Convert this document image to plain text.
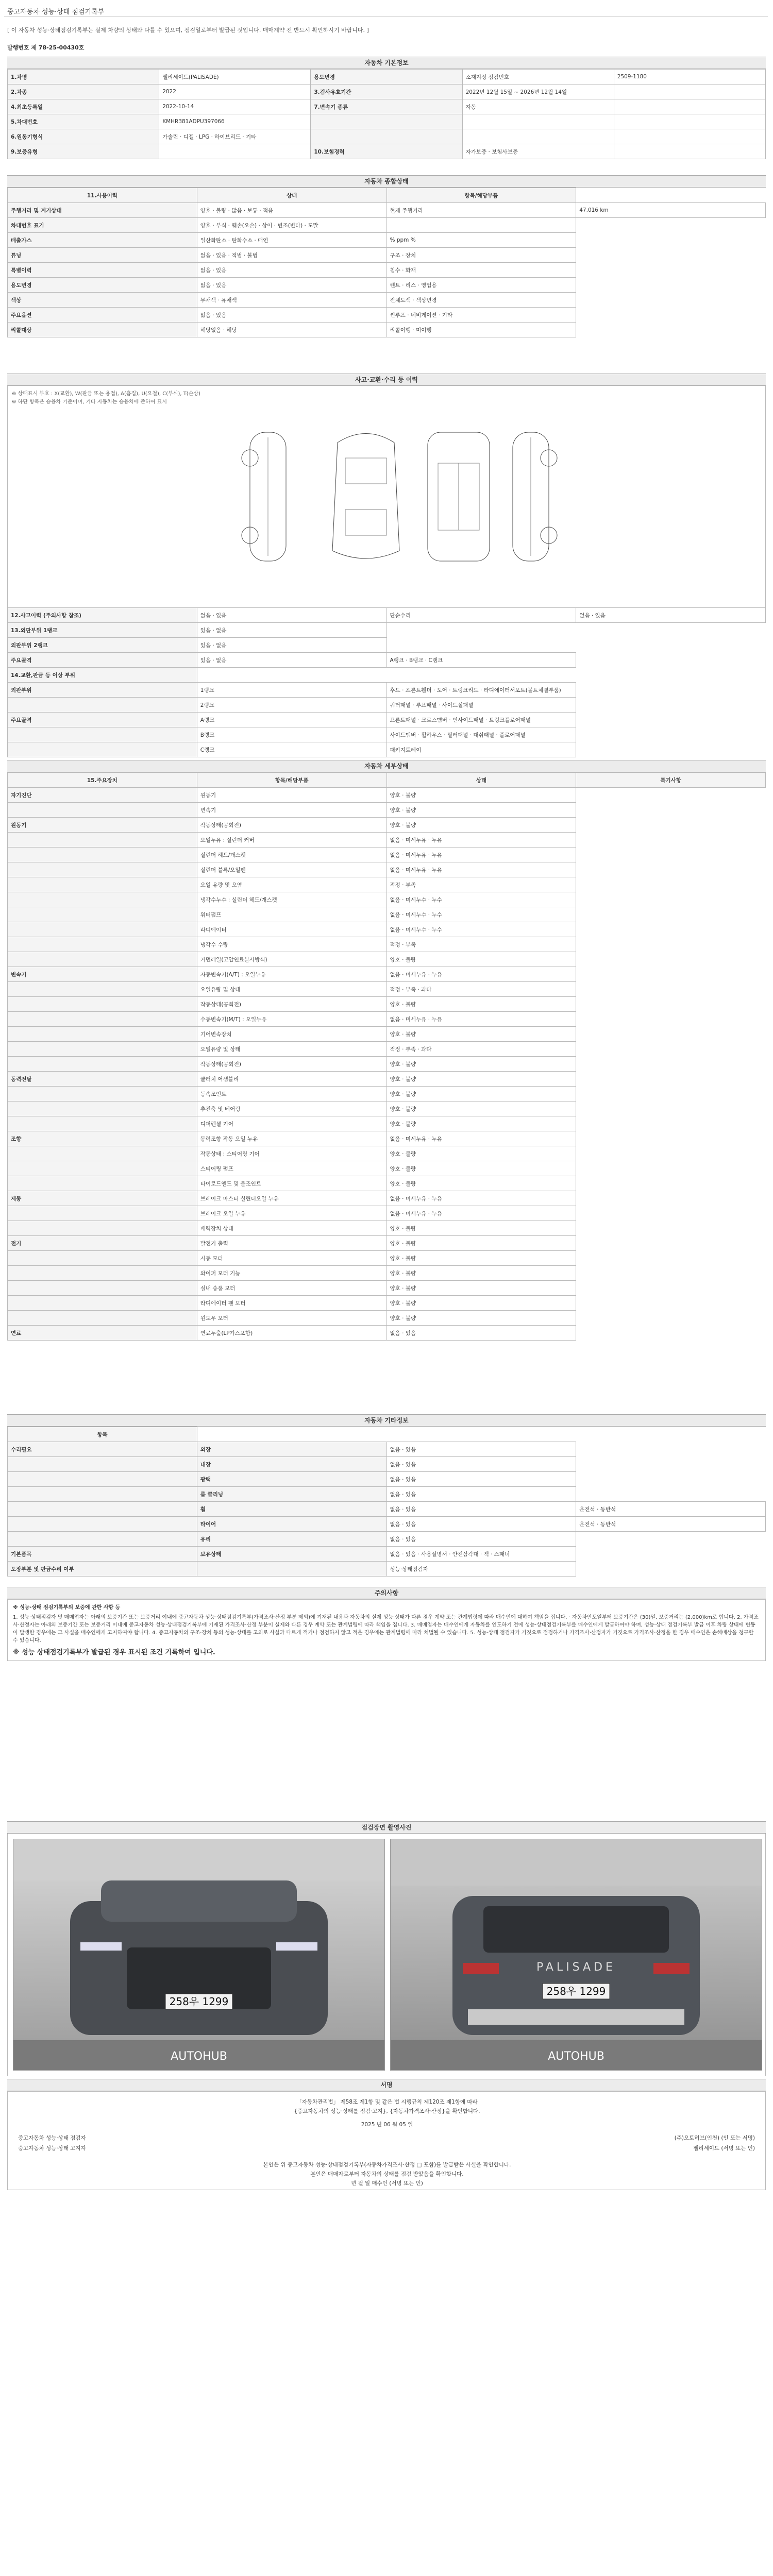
중고자동차 성능·상태 점검기록부
[ 이 자동차 성능·상태점검기록부는 실제 차량의 상태와 다를 수 있으며, 점검일로부터 발급된 것입니다. 매매계약 전 반드시 확인하시기 바랍니다. ]
발행번호 제 78-25-00430호
자동차 기본정보
1.차명	팰리세이드(PALISADE)	용도변경	소재지정 점검번호	2509-1180
2.차종	2022	3.검사유효기간	2022년 12월 15일 ~ 2026년 12월 14일	
4.최초등록일	2022-10-14	7.변속기 종류	자동	
5.차대번호	KMHR381ADPU397066			
6.원동기형식	가솔린 · 디젤 · LPG · 하이브리드 · 기타			
9.보증유형		10.보험경력	자가보증 · 보험사보증	
자동차 종합상태
11.사용이력	상태	항목/해당부품	
주행거리 및 계기상태	양호 · 불량 · 많음 · 보통 · 적음	현재 주행거리	47,016 km
차대번호 표기	양호 · 부식 · 훼손(오손) · 상이 · 변조(변타) · 도말		
배출가스	일산화탄소 · 탄화수소 · 매연	% ppm %	
튜닝	없음 · 있음 · 적법 · 불법	구조 · 장치	
특별이력	없음 · 있음	침수 · 화재	
용도변경	없음 · 있음	렌트 · 리스 · 영업용	
색상	무채색 · 유채색	전체도색 · 색상변경	
주요옵션	없음 · 있음	썬루프 · 네비게이션 · 기타	
리콜대상	해당없음 · 해당	리콜이행 · 미이행	
사고·교환·수리 등 이력
※ 상태표시 부호 : X(교환), W(판금 또는 용접), A(흠집), U(요철), C(부식), T(손상)
※ 하단 항목은 승용차 기준이며, 기타 자동차는 승용차에 준하여 표시
12.사고이력 (주의사항 참조)	없음 · 있음	단순수리	없음 · 있음
13.외판부위 1랭크	있음 · 없음		
외판부위 2랭크	있음 · 없음		
주요골격	있음 · 없음	A랭크 · B랭크 · C랭크	
14.교환,판금 등 이상 부위			
외판부위	1랭크	후드 · 프론트휀더 · 도어 · 트렁크리드 · 라디에이터서포트(볼트체결부품)	
	2랭크	쿼터패널 · 루프패널 · 사이드실패널	
주요골격	A랭크	프론트패널 · 크로스멤버 · 인사이드패널 · 트렁크플로어패널	
	B랭크	사이드멤버 · 휠하우스 · 필러패널 · 대쉬패널 · 플로어패널	
	C랭크	패키지트레이	
자동차 세부상태
15.주요장치	항목/해당부품	상태	특기사항
자기진단	원동기	양호 · 불량	
	변속기	양호 · 불량	
원동기	작동상태(공회전)	양호 · 불량	
	오일누유 : 실린더 커버	없음 · 미세누유 · 누유	
	실린더 헤드/개스켓	없음 · 미세누유 · 누유	
	실린더 블록/오일팬	없음 · 미세누유 · 누유	
	오일 유량 및 오염	적정 · 부족	
	냉각수누수 : 실린더 헤드/개스켓	없음 · 미세누수 · 누수	
	워터펌프	없음 · 미세누수 · 누수	
	라디에이터	없음 · 미세누수 · 누수	
	냉각수 수량	적정 · 부족	
	커먼레일(고압연료분사방식)	양호 · 불량	
변속기	자동변속기(A/T) : 오일누유	없음 · 미세누유 · 누유	
	오일유량 및 상태	적정 · 부족 · 과다	
	작동상태(공회전)	양호 · 불량	
	수동변속기(M/T) : 오일누유	없음 · 미세누유 · 누유	
	기어변속장치	양호 · 불량	
	오일유량 및 상태	적정 · 부족 · 과다	
	작동상태(공회전)	양호 · 불량	
동력전달	클러치 어셈블리	양호 · 불량	
	등속조인트	양호 · 불량	
	추진축 및 베어링	양호 · 불량	
	디퍼렌셜 기어	양호 · 불량	
조향	동력조향 작동 오일 누유	없음 · 미세누유 · 누유	
	작동상태 : 스티어링 기어	양호 · 불량	
	스티어링 펌프	양호 · 불량	
	타이로드엔드 및 볼조인트	양호 · 불량	
제동	브레이크 마스터 실린더오일 누유	없음 · 미세누유 · 누유	
	브레이크 오일 누유	없음 · 미세누유 · 누유	
	배력장치 상태	양호 · 불량	
전기	발전기 출력	양호 · 불량	
	시동 모터	양호 · 불량	
	와이퍼 모터 기능	양호 · 불량	
	실내 송풍 모터	양호 · 불량	
	라디에이터 팬 모터	양호 · 불량	
	윈도우 모터	양호 · 불량	
연료	연료누출(LP가스포함)	없음 · 있음	
자동차 기타정보
항목			
수리필요	외장	없음 · 있음	
	내장	없음 · 있음	
	광택	없음 · 있음	
	룸 클리닝	없음 · 있음	
	휠	없음 · 있음	운전석 · 동반석
	타이어	없음 · 있음	운전석 · 동반석
	유리	없음 · 있음	
기본품목	보유상태	없음 · 있음 · 사용설명서 · 안전삼각대 · 잭 · 스패너	
도장부분 및 판금수리 여부		성능·상태점검자	
주의사항
※ 성능·상태 점검기록부의 보증에 관한 사항 등
1. 성능·상태점검자 및 매매업자는 아래의 보증기간 또는 보증거리 이내에 중고자동차 성능·상태점검기록부(가격조사·산정 부분 제외)에 기재된 내용과 자동차의 실제 성능·상태가 다른 경우 계약 또는 관계법령에 따라 매수인에 대하여 책임을 집니다. · 자동차인도일부터 보증기간은 (30)일, 보증거리는 (2,000)km로 합니다. 2. 가격조사·산정자는 아래의 보증기간 또는 보증거리 이내에 중고자동차 성능·상태점검기록부에 기재된 가격조사·산정 부분이 실제와 다른 경우 계약 또는 관계법령에 따라 책임을 집니다. 3. 매매업자는 매수인에게 자동차를 인도하기 전에 성능·상태점검기록부를 매수인에게 발급하여야 하며, 성능·상태 점검기록부 발급 이후 차량 상태에 변동이 발생한 경우에는 그 사실을 매수인에게 고지하여야 합니다. 4. 중고자동차의 구조·장치 등의 성능·상태를 고의로 사실과 다르게 적거나 점검하지 않고 적은 경우에는 관계법령에 따라 처벌될 수 있습니다. 5. 성능·상태 점검자가 거짓으로 점검하거나 가격조사·산정자가 거짓으로 가격조사·산정을 한 경우 매수인은 손해배상을 청구할 수 있습니다.
※ 성능 상태점검기록부가 발급된 경우 표시된 조건 기록하여 입니다.
점검장면 촬영사진
258우 1299
AUTOHUB
PALISADE
258우 1299
AUTOHUB
서명
「자동차관리법」 제58조 제1항 및 같은 법 시행규칙 제120조 제1항에 따라
{중고자동차의 성능·상태를 점검·고지}, {자동차가격조사·산정}을 확인합니다.
2025 년 06 월 05 일
중고자동차 성능·상태 점검자	(주)오토허브(인천) (인 또는 서명)
중고자동차 성능·상태 고지자	팰리세이드 (서명 또는 인)
본인은 위 중고자동차 성능·상태점검기록부(자동차가격조사·산정 □ 포함)를 발급받은 사실을 확인합니다.
본인은 매매자로부터 자동차의 상태를 점검 받았음을 확인합니다.
년 월 일 매수인 (서명 또는 인)
